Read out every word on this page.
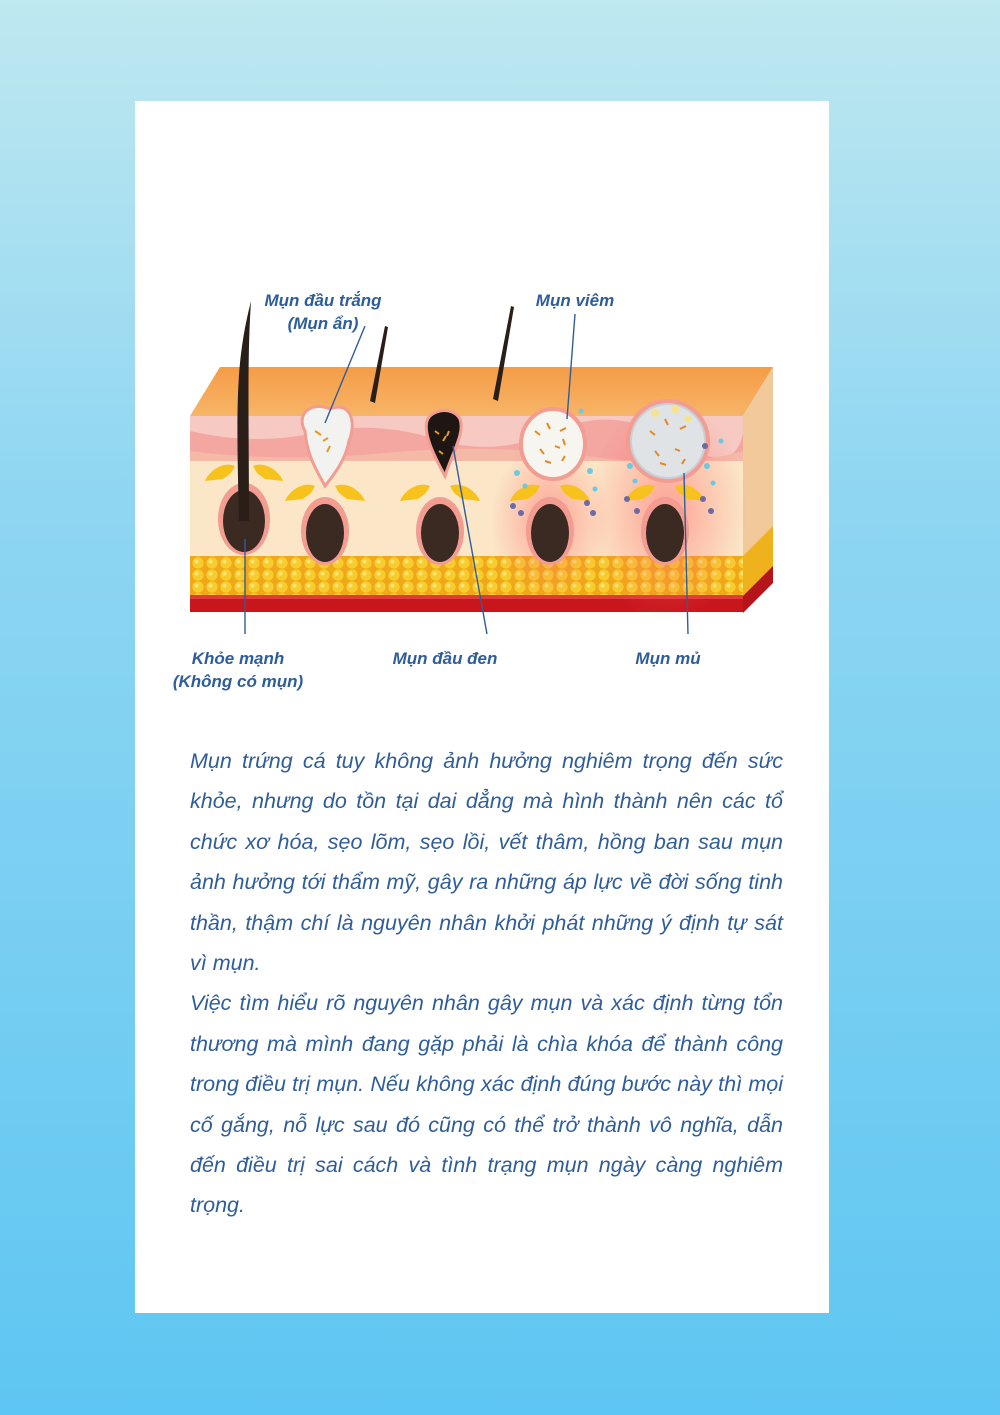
Mụn đầu trắng
(Mụn ẩn)
Mụn viêm
Khỏe mạnh
(Không có mụn)
Mụn đầu đen	Mụn mủ

Mụn trứng cá tuy không ảnh hưởng nghiêm trọng đến sức khỏe, nhưng do tồn tại dai dẳng mà hình thành nên các tổ chức xơ hóa, sẹo lõm, sẹo lồi, vết thâm, hồng ban sau mụn ảnh hưởng tới thẩm mỹ, gây ra những áp lực về đời sống tinh thần, thậm chí là nguyên nhân khởi phát những ý định tự sát vì mụn.

Việc tìm hiểu rõ nguyên nhân gây mụn và xác định từng tổn thương mà mình đang gặp phải là chìa khóa để thành công trong điều trị mụn. Nếu không xác định đúng bước này thì mọi cố gắng, nỗ lực sau đó cũng có thể trở thành vô nghĩa, dẫn đến điều trị sai cách và tình trạng mụn ngày càng nghiêm trọng.
